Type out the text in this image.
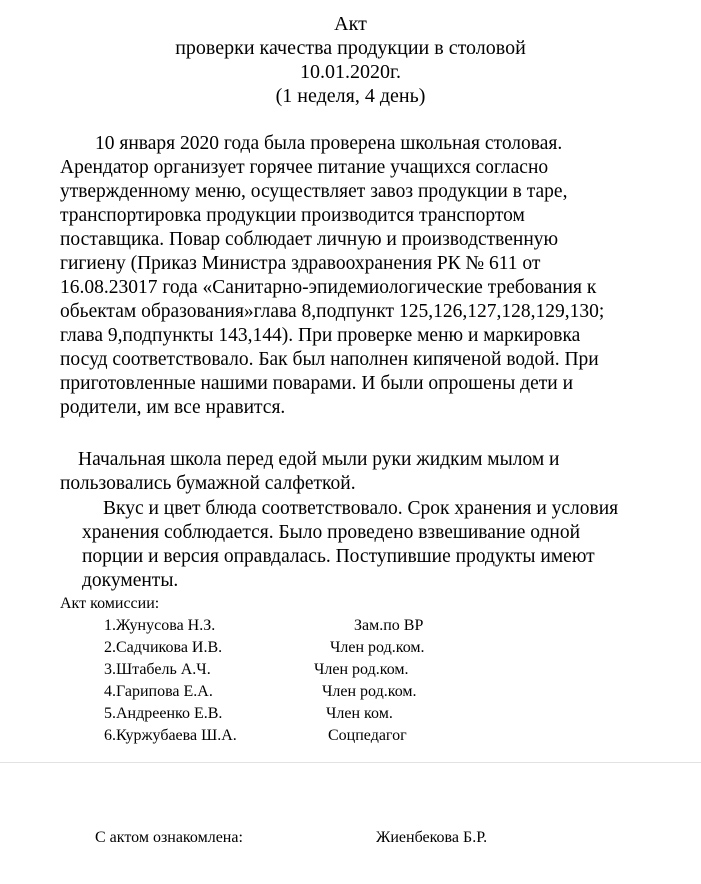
Акт
проверки качества продукции в столовой
10.01.2020г.
(1 неделя, 4 день)
10 января 2020 года была проверена школьная столовая.
Арендатор организует горячее питание учащихся согласно
утвержденному меню, осуществляет завоз продукции в таре,
транспортировка продукции производится транспортом
поставщика. Повар соблюдает личную и производственную
гигиену (Приказ Министра здравоохранения РК № 611 от
16.08.23017 года «Санитарно-эпидемиологические требования к
обьектам образования»глава 8,подпункт 125,126,127,128,129,130;
глава 9,подпункты 143,144). При проверке меню и маркировка
посуд соответствовало. Бак был наполнен кипяченой водой. При
приготовленные нашими поварами. И были опрошены дети и
родители, им все нравится.
Начальная школа перед едой мыли руки жидким мылом и
пользовались бумажной салфеткой.
Вкус и цвет блюда соответствовало. Срок хранения и условия
хранения соблюдается. Было проведено взвешивание одной
порции и версия оправдалась. Поступившие продукты имеют
документы.
Акт комиссии:
1.Жунусова Н.З.	Зам.по ВР
2.Садчикова И.В.	Член род.ком.
3.Штабель А.Ч.	Член род.ком.
4.Гарипова Е.А.	Член род.ком.
5.Андреенко Е.В.	Член ком.
6.Куржубаева Ш.А.	Соцпедагог
С актом ознакомлена:	Жиенбекова Б.Р.
